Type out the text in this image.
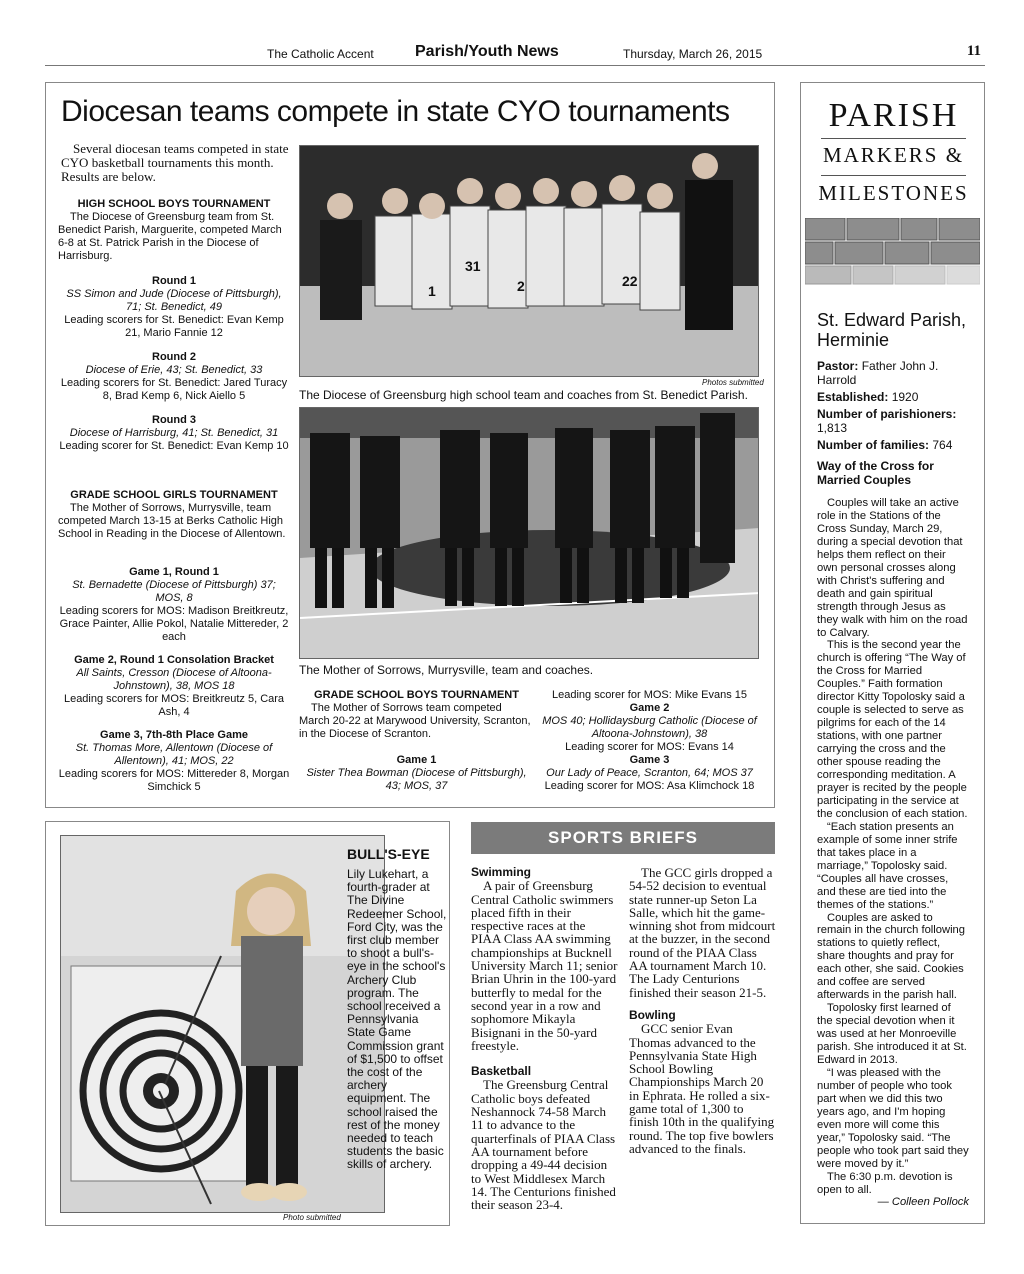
The Catholic Accent	Parish/Youth News	Thursday, March 26, 2015	11
Diocesan teams compete in state CYO tournaments

Several diocesan teams competed in state CYO basketball tournaments this month. Results are below.

HIGH SCHOOL BOYS TOURNAMENT
The Diocese of Greensburg team from St. Benedict Parish, Marguerite, competed March 6-8 at St. Patrick Parish in the Diocese of Harrisburg.
Round 1
SS Simon and Jude (Diocese of Pittsburgh), 71; St. Benedict, 49
Leading scorers for St. Benedict: Evan Kemp 21, Mario Fannie 12
Round 2
Diocese of Erie, 43; St. Benedict, 33
Leading scorers for St. Benedict: Jared Turacy 8, Brad Kemp 6, Nick Aiello 5
Round 3
Diocese of Harrisburg, 41; St. Benedict, 31
Leading scorer for St. Benedict: Evan Kemp 10
GRADE SCHOOL GIRLS TOURNAMENT
The Mother of Sorrows, Murrysville, team competed March 13-15 at Berks Catholic High School in Reading in the Diocese of Allentown.
Game 1, Round 1
St. Bernadette (Diocese of Pittsburgh) 37; MOS, 8
Leading scorers for MOS: Madison Breitkreutz, Grace Painter, Allie Pokol, Natalie Mittereder, 2 each
Game 2, Round 1 Consolation Bracket
All Saints, Cresson (Diocese of Altoona-Johnstown), 38, MOS 18
Leading scorers for MOS: Breitkreutz 5, Cara Ash, 4
Game 3, 7th-8th Place Game
St. Thomas More, Allentown (Diocese of Allentown), 41; MOS, 22
Leading scorers for MOS: Mittereder 8, Morgan Simchick 5
1
31
2	22
Photos submitted
The Diocese of Greensburg high school team and coaches from St. Benedict Parish.
The Mother of Sorrows, Murrysville, team and coaches.
GRADE SCHOOL BOYS TOURNAMENT
The Mother of Sorrows team competed March 20-22 at Marywood University, Scranton, in the Diocese of Scranton.
Game 1
Sister Thea Bowman (Diocese of Pittsburgh), 43; MOS, 37
Leading scorer for MOS: Mike Evans 15
Game 2
MOS 40; Hollidaysburg Catholic (Diocese of Altoona-Johnstown), 38
Leading scorer for MOS: Evans 14
Game 3
Our Lady of Peace, Scranton, 64; MOS 37
Leading scorer for MOS: Asa Klimchock 18
Photo submitted
BULL'S-EYE
Lily Lukehart, a fourth-grader at The Divine Redeemer School, Ford City, was the first club member to shoot a bull's-eye in the school's Archery Club program. The school received a Pennsylvania State Game Commission grant of $1,500 to offset the cost of the archery equipment. The school raised the rest of the money needed to teach students the basic skills of archery.
SPORTS BRIEFS
Swimming
A pair of Greensburg Central Catholic swimmers placed fifth in their respective races at the PIAA Class AA swimming championships at Bucknell University March 11; senior Brian Uhrin in the 100-yard butterfly to medal for the second year in a row and sophomore Mikayla Bisignani in the 50-yard freestyle.
Basketball
The Greensburg Central Catholic boys defeated Neshannock 74-58 March 11 to advance to the quarterfinals of PIAA Class AA tournament before dropping a 49-44 decision to West Middlesex March 14. The Centurions finished their season 23-4.
The GCC girls dropped a 54-52 decision to eventual state runner-up Seton La Salle, which hit the game-winning shot from midcourt at the buzzer, in the second round of the PIAA Class AA tournament March 10. The Lady Centurions finished their season 21-5.
Bowling
GCC senior Evan Thomas advanced to the Pennsylvania State High School Bowling Championships March 20 in Ephrata. He rolled a six-game total of 1,300 to finish 10th in the qualifying round. The top five bowlers advanced to the finals.
PARISH
MARKERS &
MILESTONES
St. Edward Parish, Herminie
Pastor: Father John J. Harrold
Established: 1920
Number of parishioners:
1,813
Number of families: 764
Way of the Cross for Married Couples
Couples will take an active role in the Stations of the Cross Sunday, March 29, during a special devotion that helps them reflect on their own personal crosses along with Christ's suffering and death and gain spiritual strength through Jesus as they walk with him on the road to Calvary.
This is the second year the church is offering “The Way of the Cross for Married Couples.” Faith formation director Kitty Topolosky said a couple is selected to serve as pilgrims for each of the 14 stations, with one partner carrying the cross and the other spouse reading the corresponding meditation. A prayer is recited by the people participating in the service at the conclusion of each station.
“Each station presents an example of some inner strife that takes place in a marriage,” Topolosky said. “Couples all have crosses, and these are tied into the themes of the stations.”
Couples are asked to remain in the church following stations to quietly reflect, share thoughts and pray for each other, she said. Cookies and coffee are served afterwards in the parish hall.
Topolosky first learned of the special devotion when it was used at her Monroeville parish. She introduced it at St. Edward in 2013.
“I was pleased with the number of people who took part when we did this two years ago, and I'm hoping even more will come this year,” Topolosky said. “The people who took part said they were moved by it.”
The 6:30 p.m. devotion is open to all.
— Colleen Pollock
